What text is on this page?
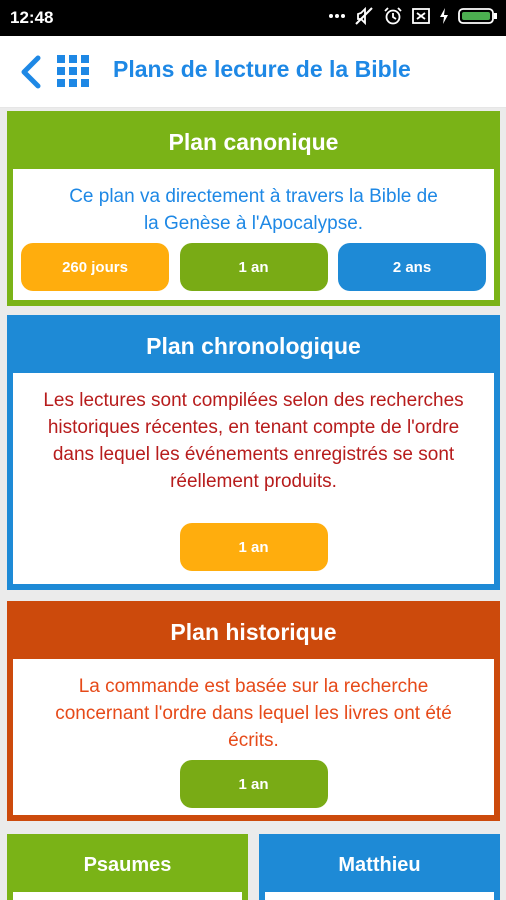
12:48
Plans de lecture de la Bible
Plan canonique
Ce plan va directement à travers la Bible de la Genèse à l'Apocalypse.
260 jours	1 an	2 ans
Plan chronologique
Les lectures sont compilées selon des recherches historiques récentes, en tenant compte de l'ordre dans lequel les événements enregistrés se sont réellement produits.
1 an
Plan historique
La commande est basée sur la recherche concernant l'ordre dans lequel les livres ont été écrits.
1 an
Psaumes	Matthieu
